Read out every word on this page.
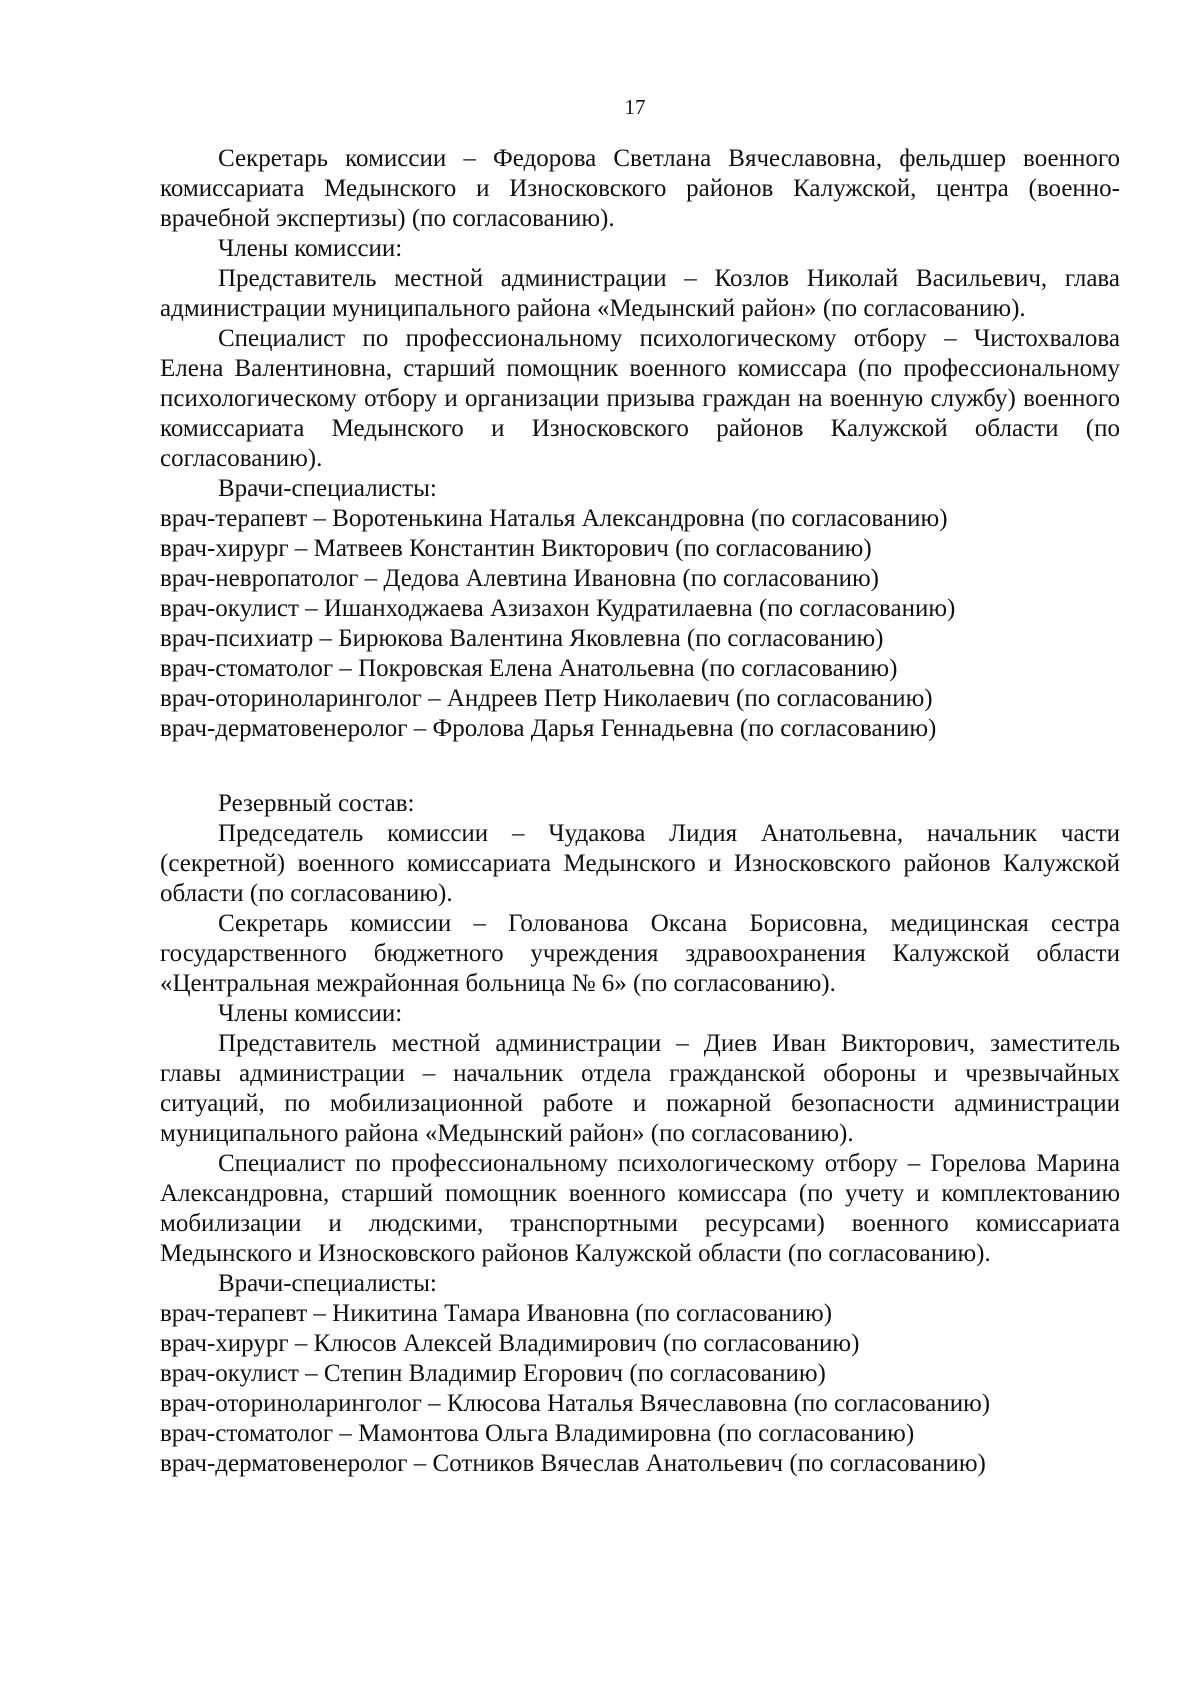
17

Секретарь комиссии – Федорова Светлана Вячеславовна, фельдшер военного комиссариата Медынского и Износковского районов Калужской, центра (военно-врачебной экспертизы) (по согласованию).

Члены комиссии:

Представитель местной администрации – Козлов Николай Васильевич, глава администрации муниципального района «Медынский район» (по согласованию).

Специалист по профессиональному психологическому отбору – Чистохвалова Елена Валентиновна, старший помощник военного комиссара (по профессиональному психологическому отбору и организации призыва граждан на военную службу) военного комиссариата Медынского и Износковского районов Калужской области (по согласованию).

Врачи-специалисты:

врач-терапевт – Воротенькина Наталья Александровна (по согласованию)

врач-хирург – Матвеев Константин Викторович (по согласованию)

врач-невропатолог – Дедова Алевтина Ивановна (по согласованию)

врач-окулист – Ишанходжаева Азизахон Кудратилаевна (по согласованию)

врач-психиатр – Бирюкова Валентина Яковлевна (по согласованию)

врач-стоматолог – Покровская Елена Анатольевна (по согласованию)

врач-оториноларинголог – Андреев Петр Николаевич (по согласованию)

врач-дерматовенеролог – Фролова Дарья Геннадьевна (по согласованию)

Резервный состав:

Председатель комиссии – Чудакова Лидия Анатольевна, начальник части (секретной) военного комиссариата Медынского и Износковского районов Калужской области (по согласованию).

Секретарь комиссии – Голованова Оксана Борисовна, медицинская сестра государственного бюджетного учреждения здравоохранения Калужской области «Центральная межрайонная больница № 6» (по согласованию).

Члены комиссии:

Представитель местной администрации – Диев Иван Викторович, заместитель главы администрации – начальник отдела гражданской обороны и чрезвычайных ситуаций, по мобилизационной работе и пожарной безопасности администрации муниципального района «Медынский район» (по согласованию).

Специалист по профессиональному психологическому отбору – Горелова Марина Александровна, старший помощник военного комиссара (по учету и комплектованию мобилизации и людскими, транспортными ресурсами) военного комиссариата Медынского и Износковского районов Калужской области (по согласованию).

Врачи-специалисты:

врач-терапевт – Никитина Тамара Ивановна (по согласованию)

врач-хирург – Клюсов Алексей Владимирович (по согласованию)

врач-окулист – Степин Владимир Егорович (по согласованию)

врач-оториноларинголог – Клюсова Наталья Вячеславовна (по согласованию)

врач-стоматолог – Мамонтова Ольга Владимировна (по согласованию)

врач-дерматовенеролог – Сотников Вячеслав Анатольевич (по согласованию)
